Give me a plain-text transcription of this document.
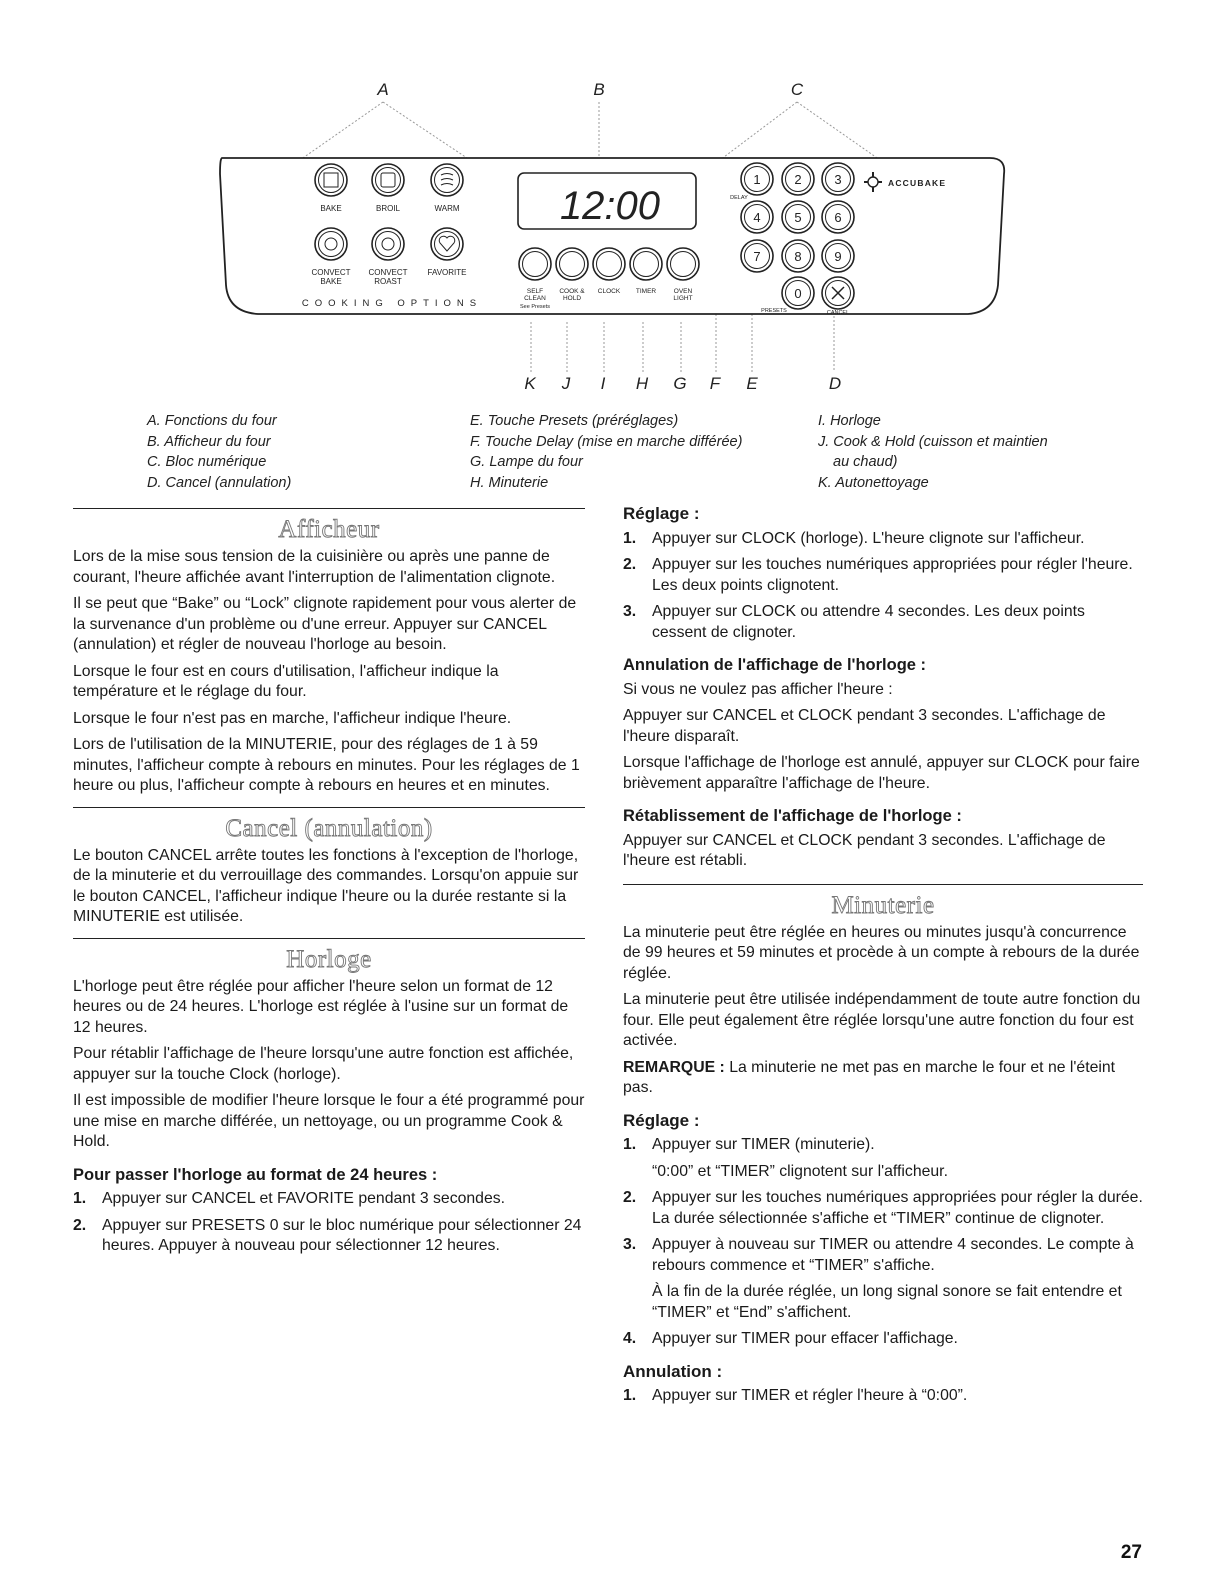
A	B	C
K J I H G F E	D
BAKE	BROIL	WARM
CONVECT
BAKE
CONVECT
ROAST
FAVORITE
COOKING OPTIONS
12:00
SELF
CLEAN
COOK &
HOLD
CLOCK TIMER	OVEN
LIGHT
See Presets
1	2	3
4	5	6
7	8	9
0
DELAY
PRESETS	CANCEL
ACCUBAKE
A. Fonctions du four
B. Afficheur du four
C. Bloc numérique
D. Cancel (annulation)
E. Touche Presets (préréglages)
F. Touche Delay (mise en marche différée)
G. Lampe du four
H. Minuterie
I. Horloge
J. Cook & Hold (cuisson et maintien
au chaud)
K. Autonettoyage
Afficheur

Lors de la mise sous tension de la cuisinière ou après une panne de courant, l'heure affichée avant l'interruption de l'alimentation clignote.

Il se peut que “Bake” ou “Lock” clignote rapidement pour vous alerter de la survenance d'un problème ou d'une erreur. Appuyer sur CANCEL (annulation) et régler de nouveau l'horloge au besoin.

Lorsque le four est en cours d'utilisation, l'afficheur indique la température et le réglage du four.

Lorsque le four n'est pas en marche, l'afficheur indique l'heure.

Lors de l'utilisation de la MINUTERIE, pour des réglages de 1 à 59 minutes, l'afficheur compte à rebours en minutes. Pour les réglages de 1 heure ou plus, l'afficheur compte à rebours en heures et en minutes.

Cancel (annulation)

Le bouton CANCEL arrête toutes les fonctions à l'exception de l'horloge, de la minuterie et du verrouillage des commandes. Lorsqu'on appuie sur le bouton CANCEL, l'afficheur indique l'heure ou la durée restante si la MINUTERIE est utilisée.

Horloge

L'horloge peut être réglée pour afficher l'heure selon un format de 12 heures ou de 24 heures. L'horloge est réglée à l'usine sur un format de 12 heures.

Pour rétablir l'affichage de l'heure lorsqu'une autre fonction est affichée, appuyer sur la touche Clock (horloge).

Il est impossible de modifier l'heure lorsque le four a été programmé pour une mise en marche différée, un nettoyage, ou un programme Cook & Hold.

Pour passer l'horloge au format de 24 heures :
1. Appuyer sur CANCEL et FAVORITE pendant 3 secondes.
2. Appuyer sur PRESETS 0 sur le bloc numérique pour sélectionner 24 heures. Appuyer à nouveau pour sélectionner 12 heures.
Réglage :
1. Appuyer sur CLOCK (horloge). L'heure clignote sur l'afficheur.
2. Appuyer sur les touches numériques appropriées pour régler l'heure. Les deux points clignotent.
3. Appuyer sur CLOCK ou attendre 4 secondes. Les deux points cessent de clignoter.
Annulation de l'affichage de l'horloge :

Si vous ne voulez pas afficher l'heure :

Appuyer sur CANCEL et CLOCK pendant 3 secondes. L'affichage de l'heure disparaît.

Lorsque l'affichage de l'horloge est annulé, appuyer sur CLOCK pour faire brièvement apparaître l'affichage de l'heure.

Rétablissement de l'affichage de l'horloge :

Appuyer sur CANCEL et CLOCK pendant 3 secondes. L'affichage de l'heure est rétabli.

Minuterie

La minuterie peut être réglée en heures ou minutes jusqu'à concurrence de 99 heures et 59 minutes et procède à un compte à rebours de la durée réglée.

La minuterie peut être utilisée indépendamment de toute autre fonction du four. Elle peut également être réglée lorsqu'une autre fonction du four est activée.

REMARQUE : La minuterie ne met pas en marche le four et ne l'éteint pas.

Réglage :
1. Appuyer sur TIMER (minuterie).
“0:00” et “TIMER” clignotent sur l'afficheur.
2. Appuyer sur les touches numériques appropriées pour régler la durée. La durée sélectionnée s'affiche et “TIMER” continue de clignoter.
3. Appuyer à nouveau sur TIMER ou attendre 4 secondes. Le compte à rebours commence et “TIMER” s'affiche.
À la fin de la durée réglée, un long signal sonore se fait entendre et “TIMER” et “End” s'affichent.
4. Appuyer sur TIMER pour effacer l'affichage.
Annulation :
1. Appuyer sur TIMER et régler l'heure à “0:00”.
27
